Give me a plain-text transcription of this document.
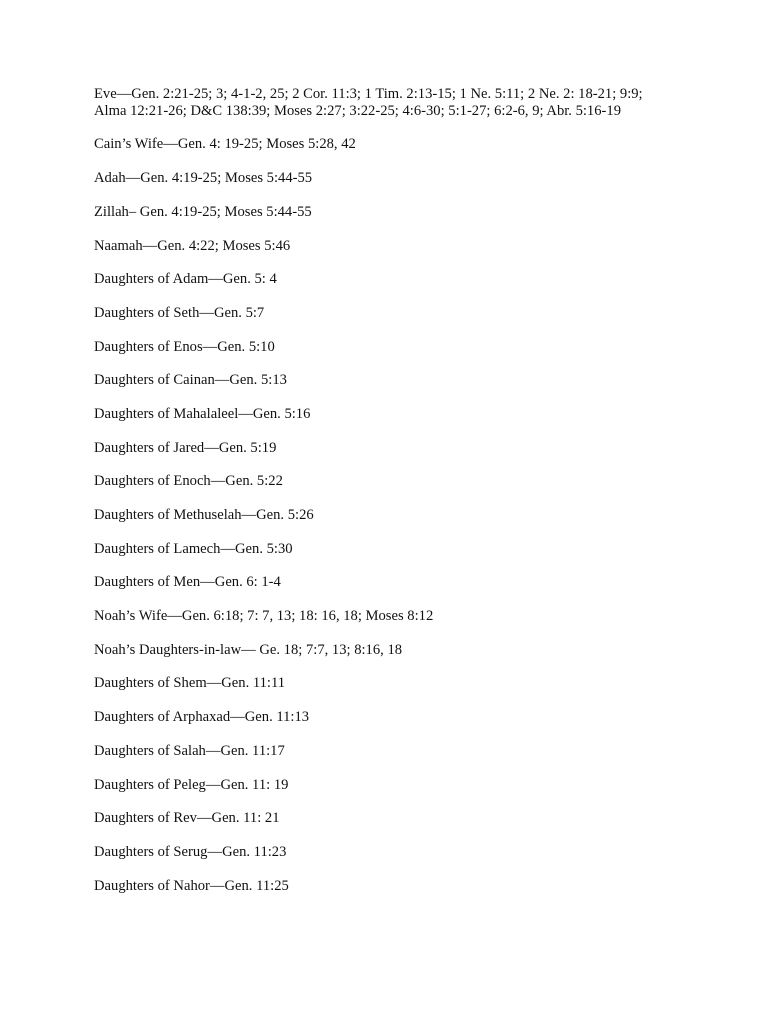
Eve—Gen. 2:21-25; 3; 4-1-2, 25; 2 Cor. 11:3; 1 Tim. 2:13-15; 1 Ne. 5:11; 2 Ne. 2: 18-21; 9:9; Alma 12:21-26; D&C 138:39; Moses 2:27; 3:22-25; 4:6-30; 5:1-27; 6:2-6, 9; Abr. 5:16-19

Cain’s Wife—Gen. 4: 19-25; Moses 5:28, 42

Adah—Gen. 4:19-25; Moses 5:44-55

Zillah– Gen. 4:19-25; Moses 5:44-55

Naamah—Gen. 4:22; Moses 5:46

Daughters of Adam—Gen. 5: 4

Daughters of Seth—Gen. 5:7

Daughters of Enos—Gen. 5:10

Daughters of Cainan—Gen. 5:13

Daughters of Mahalaleel—Gen. 5:16

Daughters of Jared—Gen. 5:19

Daughters of Enoch—Gen. 5:22

Daughters of Methuselah—Gen. 5:26

Daughters of Lamech—Gen. 5:30

Daughters of Men—Gen. 6: 1-4

Noah’s Wife—Gen. 6:18; 7: 7, 13; 18: 16, 18; Moses 8:12

Noah’s Daughters-in-law— Ge. 18; 7:7, 13; 8:16, 18

Daughters of Shem—Gen. 11:11

Daughters of Arphaxad—Gen. 11:13

Daughters of Salah—Gen. 11:17

Daughters of Peleg—Gen. 11: 19

Daughters of Rev—Gen. 11: 21

Daughters of Serug—Gen. 11:23

Daughters of Nahor—Gen. 11:25
